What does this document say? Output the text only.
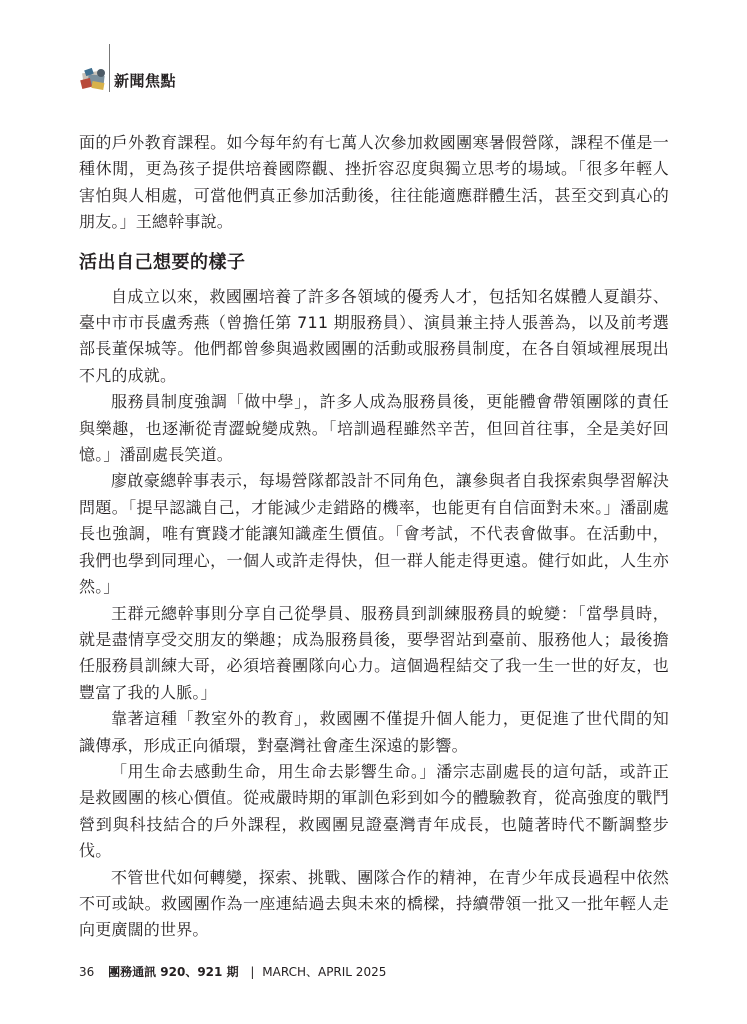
新聞焦點

面的戶外教育課程。如今每年約有七萬人次參加救國團寒暑假營隊，課程不僅是一種休閒，更為孩子提供培養國際觀、挫折容忍度與獨立思考的場域。「很多年輕人害怕與人相處，可當他們真正參加活動後，往往能適應群體生活，甚至交到真心的朋友。」王總幹事說。

活出自己想要的樣子

自成立以來，救國團培養了許多各領域的優秀人才，包括知名媒體人夏韻芬、臺中市市長盧秀燕（曾擔任第 711 期服務員）、演員兼主持人張善為，以及前考選部長董保城等。他們都曾參與過救國團的活動或服務員制度，在各自領域裡展現出不凡的成就。

服務員制度強調「做中學」，許多人成為服務員後，更能體會帶領團隊的責任與樂趣，也逐漸從青澀蛻變成熟。「培訓過程雖然辛苦，但回首往事，全是美好回憶。」潘副處長笑道。

廖啟豪總幹事表示，每場營隊都設計不同角色，讓參與者自我探索與學習解決問題。「提早認識自己，才能減少走錯路的機率，也能更有自信面對未來。」潘副處長也強調，唯有實踐才能讓知識產生價值。「會考試，不代表會做事。在活動中，我們也學到同理心，一個人或許走得快，但一群人能走得更遠。健行如此，人生亦然。」

王群元總幹事則分享自己從學員、服務員到訓練服務員的蛻變：「當學員時，就是盡情享受交朋友的樂趣；成為服務員後，要學習站到臺前、服務他人；最後擔任服務員訓練大哥，必須培養團隊向心力。這個過程結交了我一生一世的好友，也豐富了我的人脈。」

靠著這種「教室外的教育」，救國團不僅提升個人能力，更促進了世代間的知識傳承，形成正向循環，對臺灣社會產生深遠的影響。

「用生命去感動生命，用生命去影響生命。」潘宗志副處長的這句話，或許正是救國團的核心價值。從戒嚴時期的軍訓色彩到如今的體驗教育，從高強度的戰鬥營到與科技結合的戶外課程，救國團見證臺灣青年成長，也隨著時代不斷調整步伐。

不管世代如何轉變，探索、挑戰、團隊合作的精神，在青少年成長過程中依然不可或缺。救國團作為一座連結過去與未來的橋樑，持續帶領一批又一批年輕人走向更廣闊的世界。

36 團務通訊 920、921 期 | MARCH、APRIL 2025
